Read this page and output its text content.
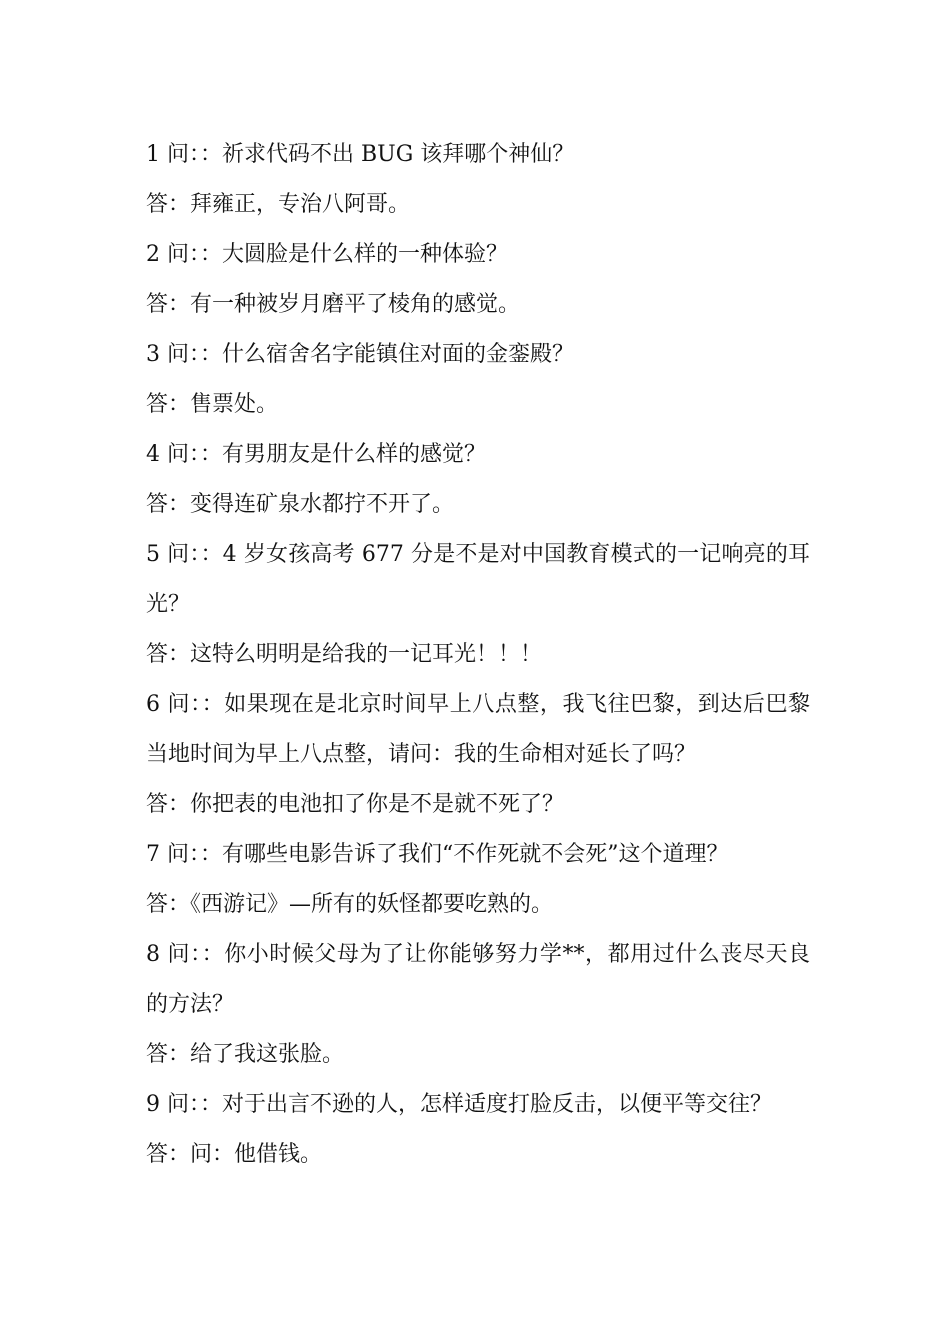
1 问：：祈求代码不出 BUG 该拜哪个神仙？

答：拜雍正，专治八阿哥。

2 问：：大圆脸是什么样的一种体验？

答：有一种被岁月磨平了棱角的感觉。

3 问：：什么宿舍名字能镇住对面的金銮殿？

答：售票处。

4 问：：有男朋友是什么样的感觉？

答：变得连矿泉水都拧不开了。

5 问：：4 岁女孩高考 677 分是不是对中国教育模式的一记响亮的耳光？

答：这特么明明是给我的一记耳光！！！

6 问：：如果现在是北京时间早上八点整，我飞往巴黎，到达后巴黎当地时间为早上八点整，请问：我的生命相对延长了吗？

答：你把表的电池扣了你是不是就不死了？

7 问：：有哪些电影告诉了我们“不作死就不会死”这个道理？

答：《西游记》—所有的妖怪都要吃熟的。

8 问：：你小时候父母为了让你能够努力学**，都用过什么丧尽天良的方法？

答：给了我这张脸。

9 问：：对于出言不逊的人，怎样适度打脸反击，以便平等交往？

答：问：他借钱。
